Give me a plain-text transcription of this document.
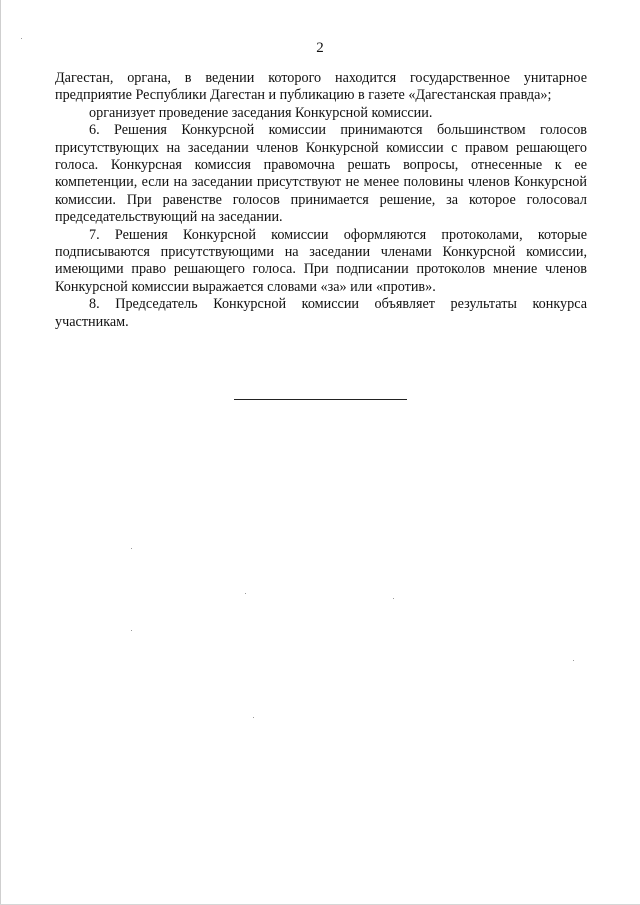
2

Дагестан, органа, в ведении которого находится государственное унитарное предприятие Республики Дагестан и публикацию в газете «Дагестанская правда»;

организует проведение заседания Конкурсной комиссии.

6. Решения Конкурсной комиссии принимаются большинством голосов присутствующих на заседании членов Конкурсной комиссии с правом решающего голоса. Конкурсная комиссия правомочна решать вопросы, отнесенные к ее компетенции, если на заседании присутствуют не менее половины членов Конкурсной комиссии. При равенстве голосов принимается решение, за которое голосовал председательствующий на заседании.

7. Решения Конкурсной комиссии оформляются протоколами, которые подписываются присутствующими на заседании членами Конкурсной комиссии, имеющими право решающего голоса. При подписании протоколов мнение членов Конкурсной комиссии выражается словами «за» или «против».

8. Председатель Конкурсной комиссии объявляет результаты конкурса участникам.
